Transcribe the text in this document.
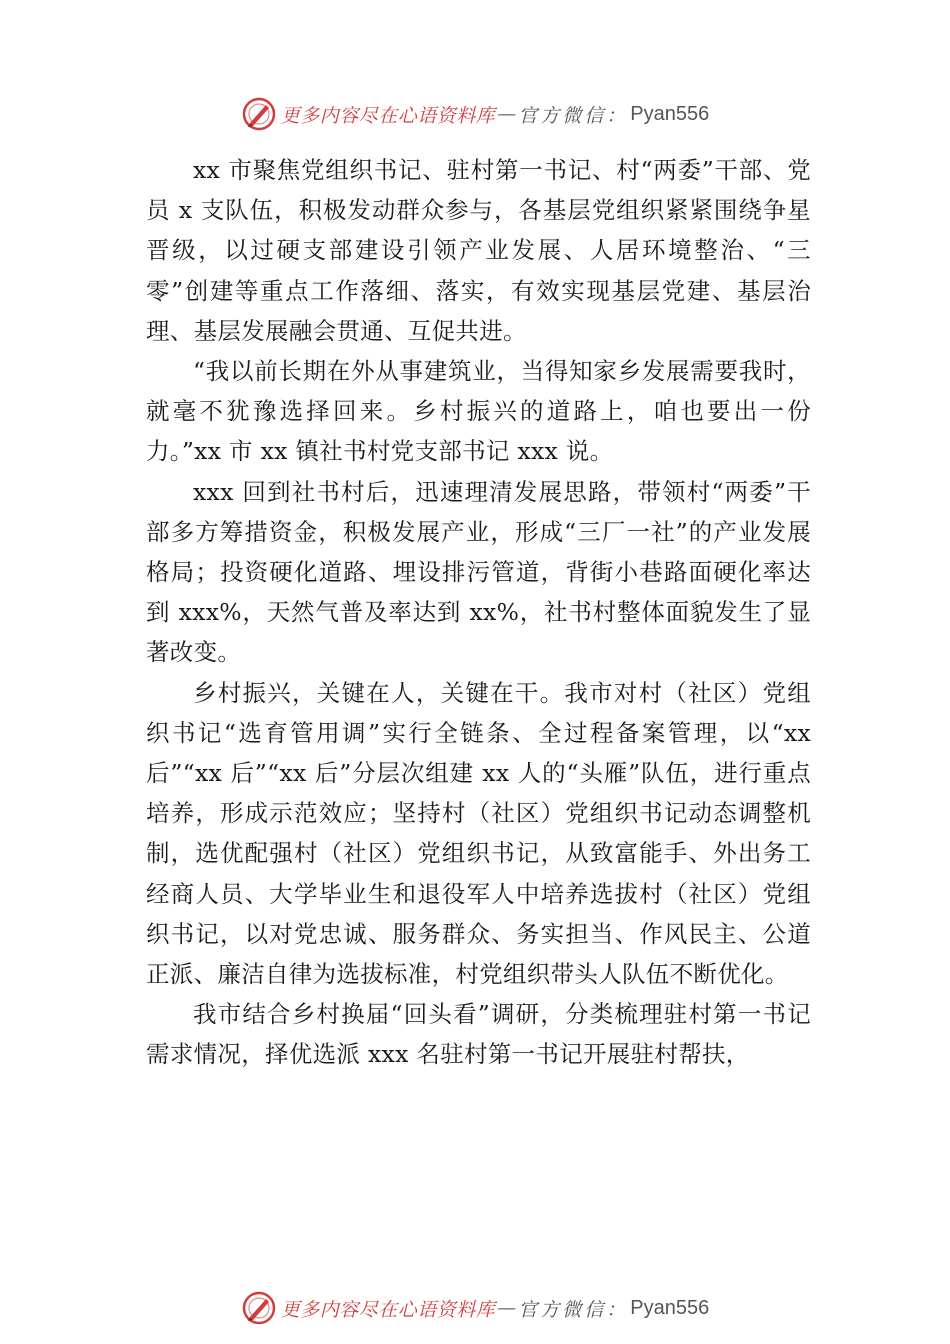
更多内容尽在心语资料库 — 官方微信： Pyan556

xx 市聚焦党组织书记、驻村第一书记、村“两委”干部、党员 x 支队伍，积极发动群众参与，各基层党组织紧紧围绕争星晋级，以过硬支部建设引领产业发展、人居环境整治、“三零”创建等重点工作落细、落实，有效实现基层党建、基层治理、基层发展融会贯通、互促共进。

“我以前长期在外从事建筑业，当得知家乡发展需要我时，就毫不犹豫选择回来。乡村振兴的道路上，咱也要出一份力。”xx 市 xx 镇社书村党支部书记 xxx 说。

xxx 回到社书村后，迅速理清发展思路，带领村“两委”干部多方筹措资金，积极发展产业，形成“三厂一社”的产业发展格局；投资硬化道路、埋设排污管道，背街小巷路面硬化率达到 xxx%，天然气普及率达到 xx%，社书村整体面貌发生了显著改变。

乡村振兴，关键在人，关键在干。我市对村（社区）党组织书记“选育管用调”实行全链条、全过程备案管理，以“xx 后”“xx 后”“xx 后”分层次组建 xx 人的“头雁”队伍，进行重点培养，形成示范效应；坚持村（社区）党组织书记动态调整机制，选优配强村（社区）党组织书记，从致富能手、外出务工经商人员、大学毕业生和退役军人中培养选拔村（社区）党组织书记，以对党忠诚、服务群众、务实担当、作风民主、公道正派、廉洁自律为选拔标准，村党组织带头人队伍不断优化。

我市结合乡村换届“回头看”调研，分类梳理驻村第一书记需求情况，择优选派 xxx 名驻村第一书记开展驻村帮扶，

更多内容尽在心语资料库 — 官方微信： Pyan556
